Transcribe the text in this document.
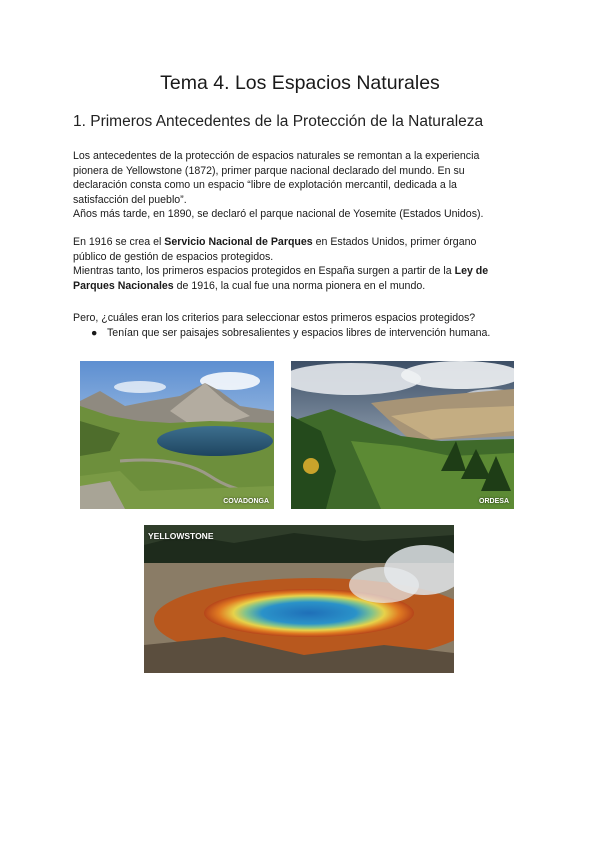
Tema 4. Los Espacios Naturales
1. Primeros Antecedentes de la Protección de la Naturaleza

Los antecedentes de la protección de espacios naturales se remontan a la experiencia

pionera de Yellowstone (1872), primer parque nacional declarado del mundo. En su

declaración consta como un espacio “libre de explotación mercantil, dedicada a la

satisfacción del pueblo”.

Años más tarde, en 1890, se declaró el parque nacional de Yosemite (Estados Unidos).

En 1916 se crea el Servicio Nacional de Parques en Estados Unidos, primer órgano

público de gestión de espacios protegidos.

Mientras tanto, los primeros espacios protegidos en España surgen a partir de la Ley de

Parques Nacionales de 1916, la cual fue una norma pionera en el mundo.

Pero, ¿cuáles eran los criterios para seleccionar estos primeros espacios protegidos?

● Tenían que ser paisajes sobresalientes y espacios libres de intervención humana.
COVADONGA	ORDESA
YELLOWSTONE
